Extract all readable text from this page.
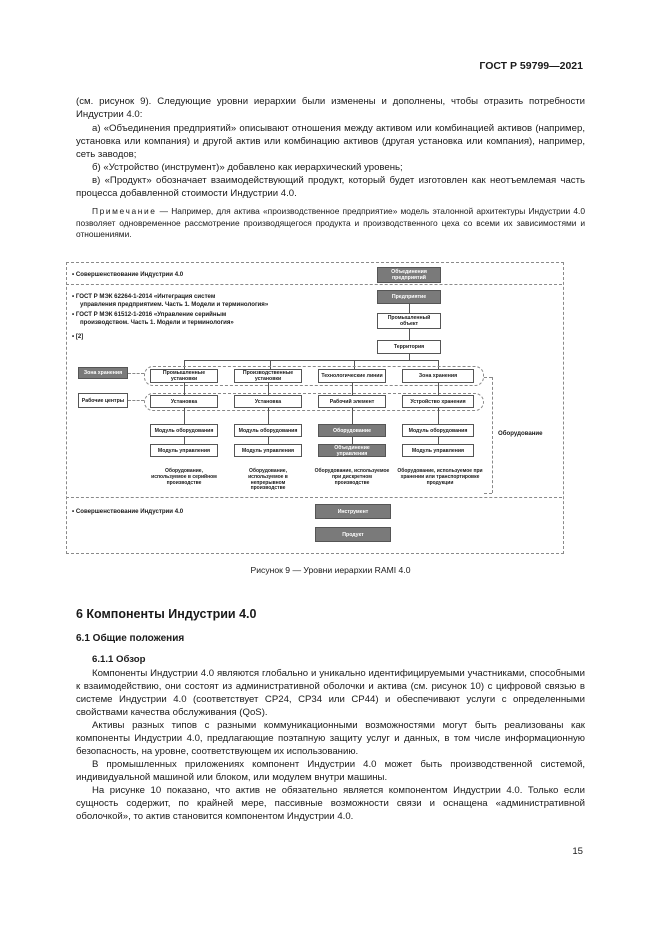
ГОСТ Р 59799—2021

(см. рисунок 9). Следующие уровни иерархии были изменены и дополнены, чтобы отразить потребности Индустрии 4.0:

а) «Объединения предприятий» описывают отношения между активом или комбинацией активов (например, установка или компания) и другой актив или комбинацию активов (другая установка или компания), например, сеть заводов;

б) «Устройство (инструмент)» добавлено как иерархический уровень;

в) «Продукт» обозначает взаимодействующий продукт, который будет изготовлен как неотъемлемая часть процесса добавленной стоимости Индустрии 4.0.

Примечание — Например, для актива «производственное предприятие» модель эталонной архитектуры Индустрии 4.0 позволяет одновременное рассмотрение производящегося продукта и производственного цеха со всеми их зависимостями и отношениями.

• Совершенствование Индустрии 4.0	Объединения предприятий
• ГОСТ Р МЭК 62264-1-2014 «Интеграция систем
управления предприятием. Часть 1. Модели и терминология»
• ГОСТ Р МЭК 61512-1-2016 «Управление серийным
производством. Часть 1. Модели и терминология»
• [2]
Предприятие
Промышленный объект
Территория
Зона хранения
Рабочие центры
Промышленные установки
Производственные установки	Технологические линии	Зона хранения
Установка	Установка	Рабочий элемент	Устройство хранения
Модуль оборудования	Модуль оборудования	Оборудование	Модуль оборудования
Модуль управления	Модуль управления	Объединение управления	Модуль управления
Оборудование, используемое в серийном производстве
Оборудование, используемое в непрерывном производстве
Оборудование, используемое при дискретном производстве
Оборудование, используемое при хранении или транспортировке продукции
Оборудование
• Совершенствование Индустрии 4.0	Инструмент
Продукт
Рисунок 9 — Уровни иерархии RAMI 4.0
6 Компоненты Индустрии 4.0
6.1 Общие положения
6.1.1 Обзор

Компоненты Индустрии 4.0 являются глобально и уникально идентифицируемыми участниками, способными к взаимодействию, они состоят из административной оболочки и актива (см. рисунок 10) с цифровой связью в системе Индустрии 4.0 (соответствует CP24, CP34 или CP44) и обеспечивают услуги с определенными свойствами качества обслуживания (QoS).

Активы разных типов с разными коммуникационными возможностями могут быть реализованы как компоненты Индустрии 4.0, предлагающие поэтапную защиту услуг и данных, в том числе информационную безопасность, на уровне, соответствующем их использованию.

В промышленных приложениях компонент Индустрии 4.0 может быть производственной системой, индивидуальной машиной или блоком, или модулем внутри машины.

На рисунке 10 показано, что актив не обязательно является компонентом Индустрии 4.0. Только если сущность содержит, по крайней мере, пассивные возможности связи и оснащена «административной оболочкой», то актив становится компонентом Индустрии 4.0.

15
